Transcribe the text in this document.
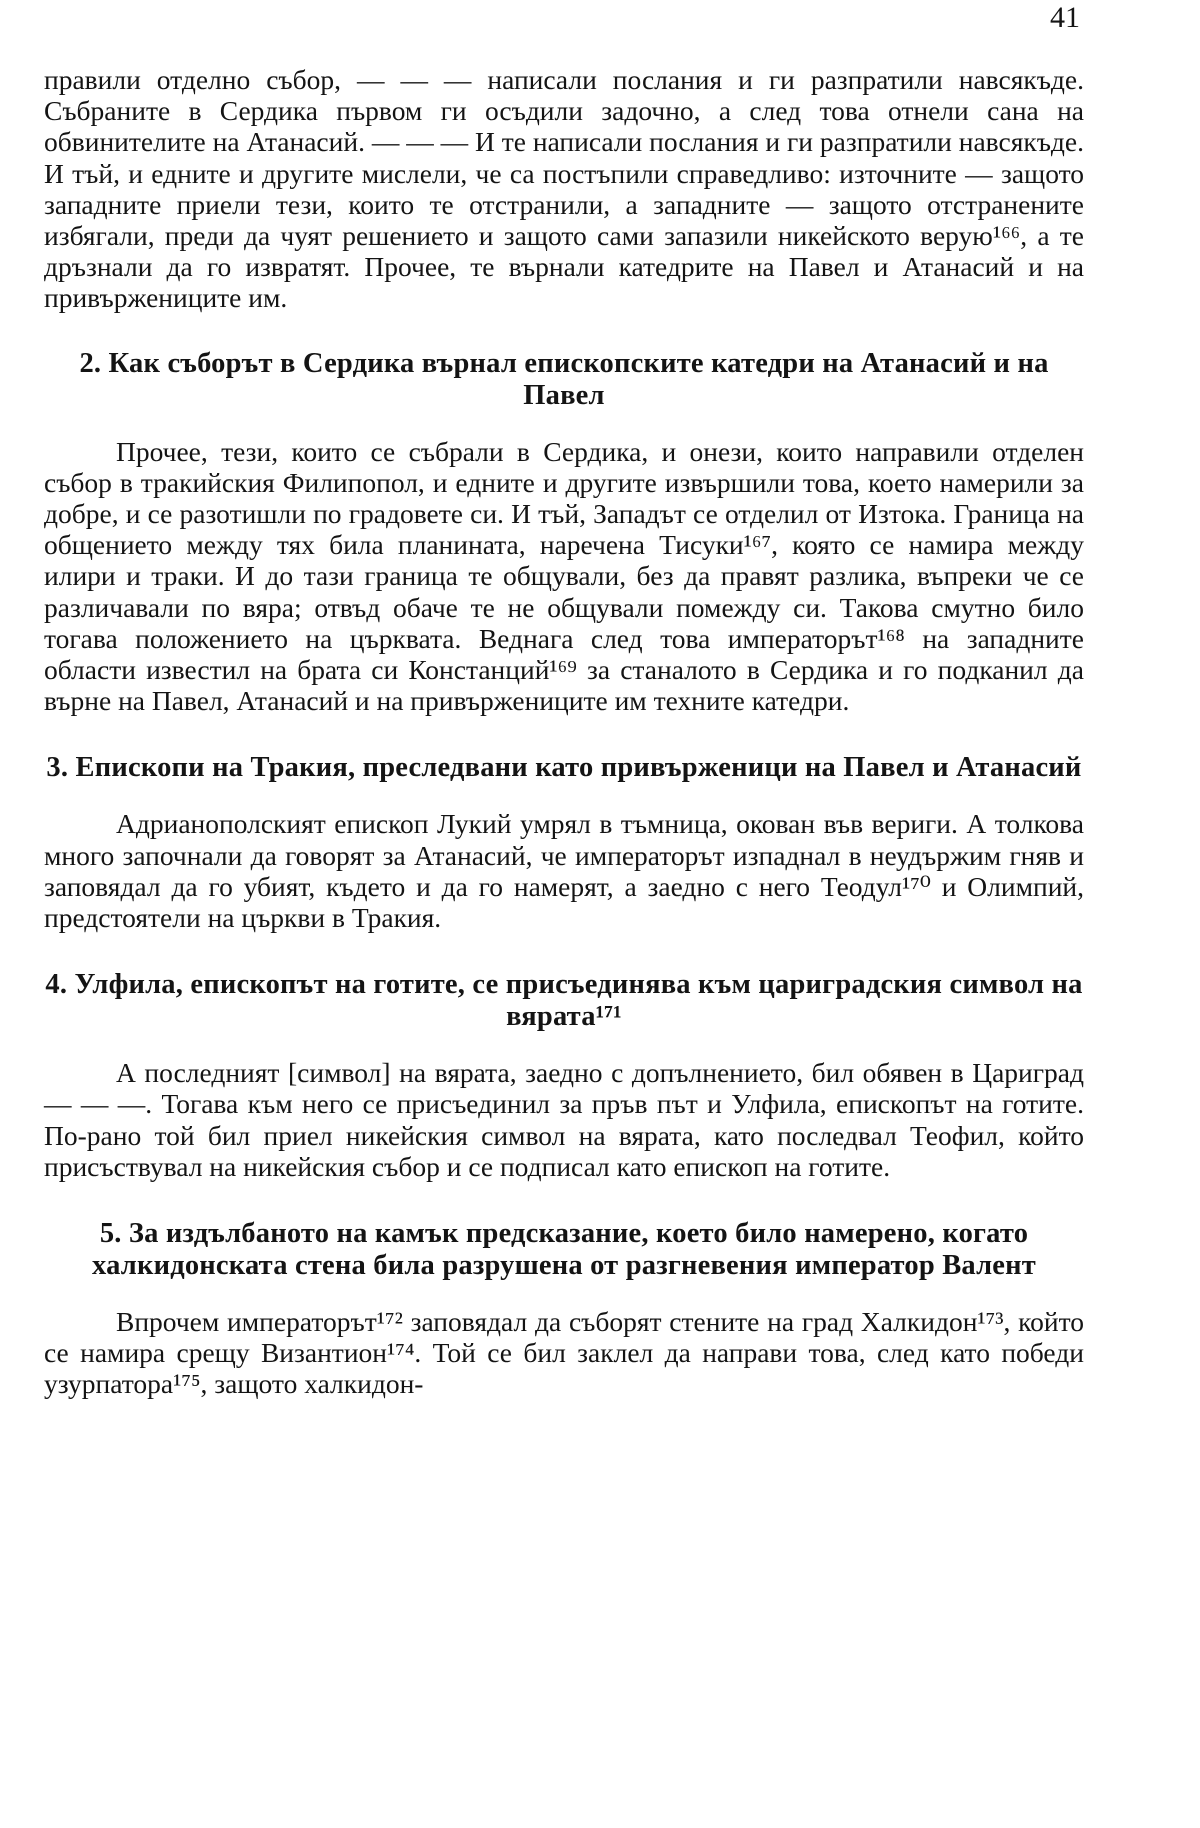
41

правили отделно събор, — — — написали послания и ги разпратили навсякъде. Събраните в Сердика първом ги осъдили задочно, а след това отнели сана на обвинителите на Атанасий. — — — И те написали послания и ги разпратили навсякъде. И тъй, и едните и другите мислели, че са постъпили справедливо: източните — защото западните приели тези, които те отстранили, а западните — защото отстранените избягали, преди да чуят решението и защото сами запазили никейското верую¹⁶⁶, а те дръзнали да го извратят. Прочее, те върнали катедрите на Павел и Атанасий и на привържениците им.

2. Как съборът в Сердика върнал епископските катедри на Атанасий и на Павел

Прочее, тези, които се събрали в Сердика, и онези, които направили отделен събор в тракийския Филипопол, и едните и другите извършили това, което намерили за добре, и се разотишли по градовете си. И тъй, Западът се отделил от Изтока. Граница на общението между тях била планината, наречена Тисуки¹⁶⁷, която се намира между илири и траки. И до тази граница те общували, без да правят разлика, въпреки че се различавали по вяра; отвъд обаче те не общували помежду си. Такова смутно било тогава положението на църквата. Веднага след това императорът¹⁶⁸ на западните области известил на брата си Констанций¹⁶⁹ за станалото в Сердика и го подканил да върне на Павел, Атанасий и на привържениците им техните катедри.

3. Епископи на Тракия, преследвани като привърженици на Павел и Атанасий

Адрианополският епископ Лукий умрял в тъмница, окован във вериги. А толкова много започнали да говорят за Атанасий, че императорът изпаднал в неудържим гняв и заповядал да го убият, където и да го намерят, а заедно с него Теодул¹⁷⁰ и Олимпий, предстоятели на църкви в Тракия.

4. Улфила, епископът на готите, се присъединява към цариградския символ на вярата¹⁷¹

А последният [символ] на вярата, заедно с допълнението, бил обявен в Цариград — — —. Тогава към него се присъединил за пръв път и Улфила, епископът на готите. По-рано той бил приел никейския символ на вярата, като последвал Теофил, който присъствувал на никейския събор и се подписал като епископ на готите.

5. За издълбаното на камък предсказание, което било намерено, когато халкидонската стена била разрушена от разгневения император Валент

Впрочем императорът¹⁷² заповядал да съборят стените на град Халкидон¹⁷³, който се намира срещу Византион¹⁷⁴. Той се бил заклел да направи това, след като победи узурпатора¹⁷⁵, защото халкидон-
